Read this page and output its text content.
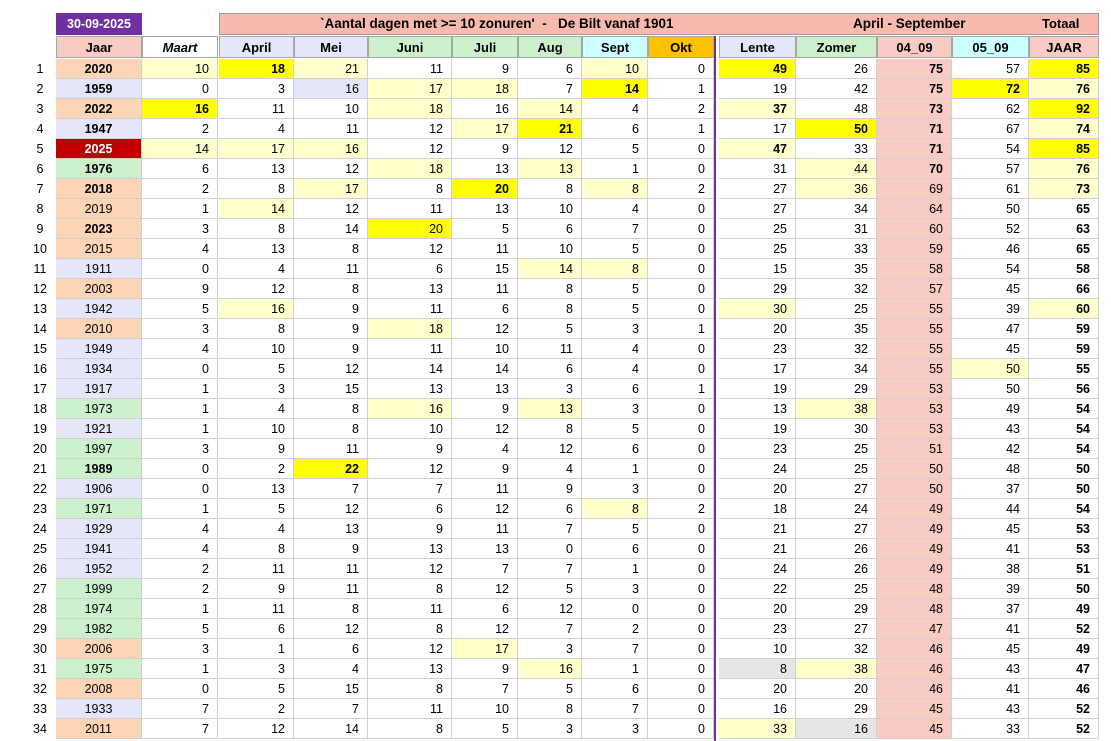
30-09-2025	`Aantal dagen met >= 10 zonuren'  -   De Bilt vanaf 1901	April - September	Totaal
Jaar	Maart	April	Mei	Juni	Juli	Aug	Sept	Okt	Lente	Zomer	04_09	05_09	JAAR
1	2020	10	18	21	11	9	6	10	0	49	26	75	57	85
2	1959	0	3	16	17	18	7	14	1	19	42	75	72	76
3	2022	16	11	10	18	16	14	4	2	37	48	73	62	92
4	1947	2	4	11	12	17	21	6	1	17	50	71	67	74
5	2025	14	17	16	12	9	12	5	0	47	33	71	54	85
6	1976	6	13	12	18	13	13	1	0	31	44	70	57	76
7	2018	2	8	17	8	20	8	8	2	27	36	69	61	73
8	2019	1	14	12	11	13	10	4	0	27	34	64	50	65
9	2023	3	8	14	20	5	6	7	0	25	31	60	52	63
10	2015	4	13	8	12	11	10	5	0	25	33	59	46	65
11	1911	0	4	11	6	15	14	8	0	15	35	58	54	58
12	2003	9	12	8	13	11	8	5	0	29	32	57	45	66
13	1942	5	16	9	11	6	8	5	0	30	25	55	39	60
14	2010	3	8	9	18	12	5	3	1	20	35	55	47	59
15	1949	4	10	9	11	10	11	4	0	23	32	55	45	59
16	1934	0	5	12	14	14	6	4	0	17	34	55	50	55
17	1917	1	3	15	13	13	3	6	1	19	29	53	50	56
18	1973	1	4	8	16	9	13	3	0	13	38	53	49	54
19	1921	1	10	8	10	12	8	5	0	19	30	53	43	54
20	1997	3	9	11	9	4	12	6	0	23	25	51	42	54
21	1989	0	2	22	12	9	4	1	0	24	25	50	48	50
22	1906	0	13	7	7	11	9	3	0	20	27	50	37	50
23	1971	1	5	12	6	12	6	8	2	18	24	49	44	54
24	1929	4	4	13	9	11	7	5	0	21	27	49	45	53
25	1941	4	8	9	13	13	0	6	0	21	26	49	41	53
26	1952	2	11	11	12	7	7	1	0	24	26	49	38	51
27	1999	2	9	11	8	12	5	3	0	22	25	48	39	50
28	1974	1	11	8	11	6	12	0	0	20	29	48	37	49
29	1982	5	6	12	8	12	7	2	0	23	27	47	41	52
30	2006	3	1	6	12	17	3	7	0	10	32	46	45	49
31	1975	1	3	4	13	9	16	1	0	8	38	46	43	47
32	2008	0	5	15	8	7	5	6	0	20	20	46	41	46
33	1933	7	2	7	11	10	8	7	0	16	29	45	43	52
34	2011	7	12	14	8	5	3	3	0	33	16	45	33	52
